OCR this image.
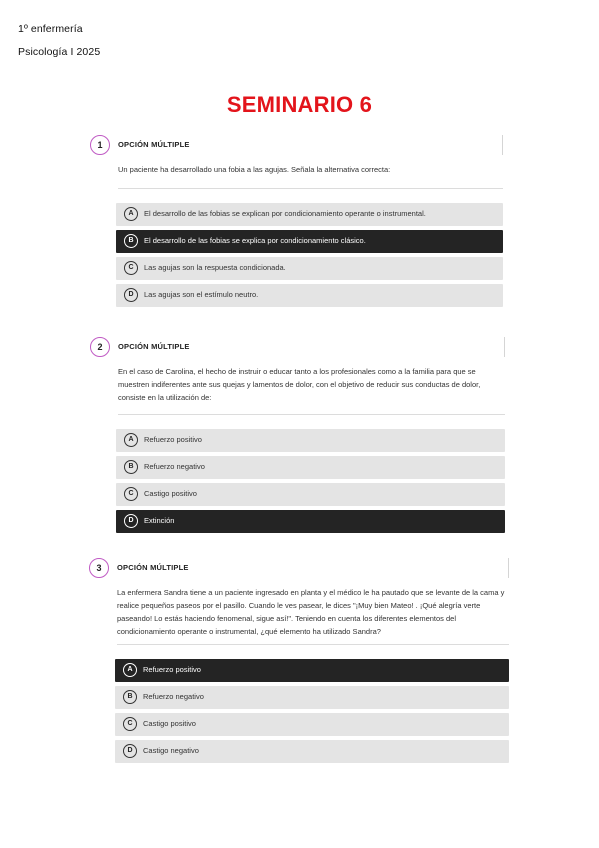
1º enfermería
Psicología I 2025
SEMINARIO 6
1	OPCIÓN MÚLTIPLE
Un paciente ha desarrollado una fobia a las agujas. Señala la alternativa correcta:
A	El desarrollo de las fobias se explican por condicionamiento operante o instrumental.
B	El desarrollo de las fobias se explica por condicionamiento clásico.
C	Las agujas son la respuesta condicionada.
D	Las agujas son el estímulo neutro.
2	OPCIÓN MÚLTIPLE
En el caso de Carolina, el hecho de instruir o educar tanto a los profesionales como a la familia para que se muestren indiferentes ante sus quejas y lamentos de dolor, con el objetivo de reducir sus conductas de dolor, consiste en la utilización de:
A	Refuerzo positivo
B	Refuerzo negativo
C	Castigo positivo
D	Extinción
3	OPCIÓN MÚLTIPLE
La enfermera Sandra tiene a un paciente ingresado en planta y el médico le ha pautado que se levante de la cama y realice pequeños paseos por el pasillo. Cuando le ves pasear, le dices "¡Muy bien Mateo! . ¡Qué alegría verte paseando! Lo estás haciendo fenomenal, sigue así!". Teniendo en cuenta los diferentes elementos del condicionamiento operante o instrumental, ¿qué elemento ha utilizado Sandra?
A	Refuerzo positivo
B	Refuerzo negativo
C	Castigo positivo
D	Castigo negativo
